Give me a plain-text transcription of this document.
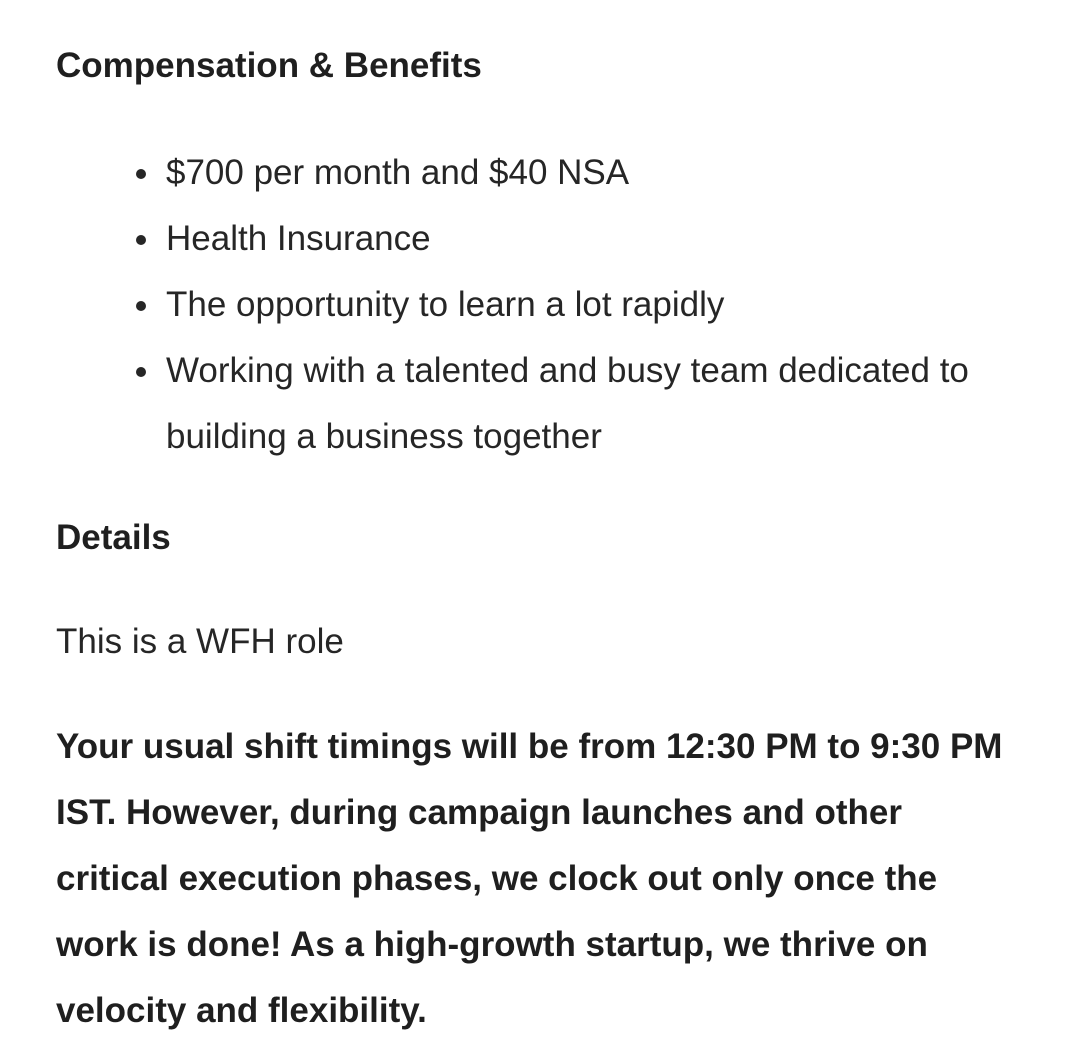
Compensation & Benefits
$700 per month and $40 NSA
Health Insurance
The opportunity to learn a lot rapidly
Working with a talented and busy team dedicated to building a business together
Details

This is a WFH role

Your usual shift timings will be from 12:30 PM to 9:30 PM IST. However, during campaign launches and other critical execution phases, we clock out only once the work is done! As a high-growth startup, we thrive on velocity and flexibility.
